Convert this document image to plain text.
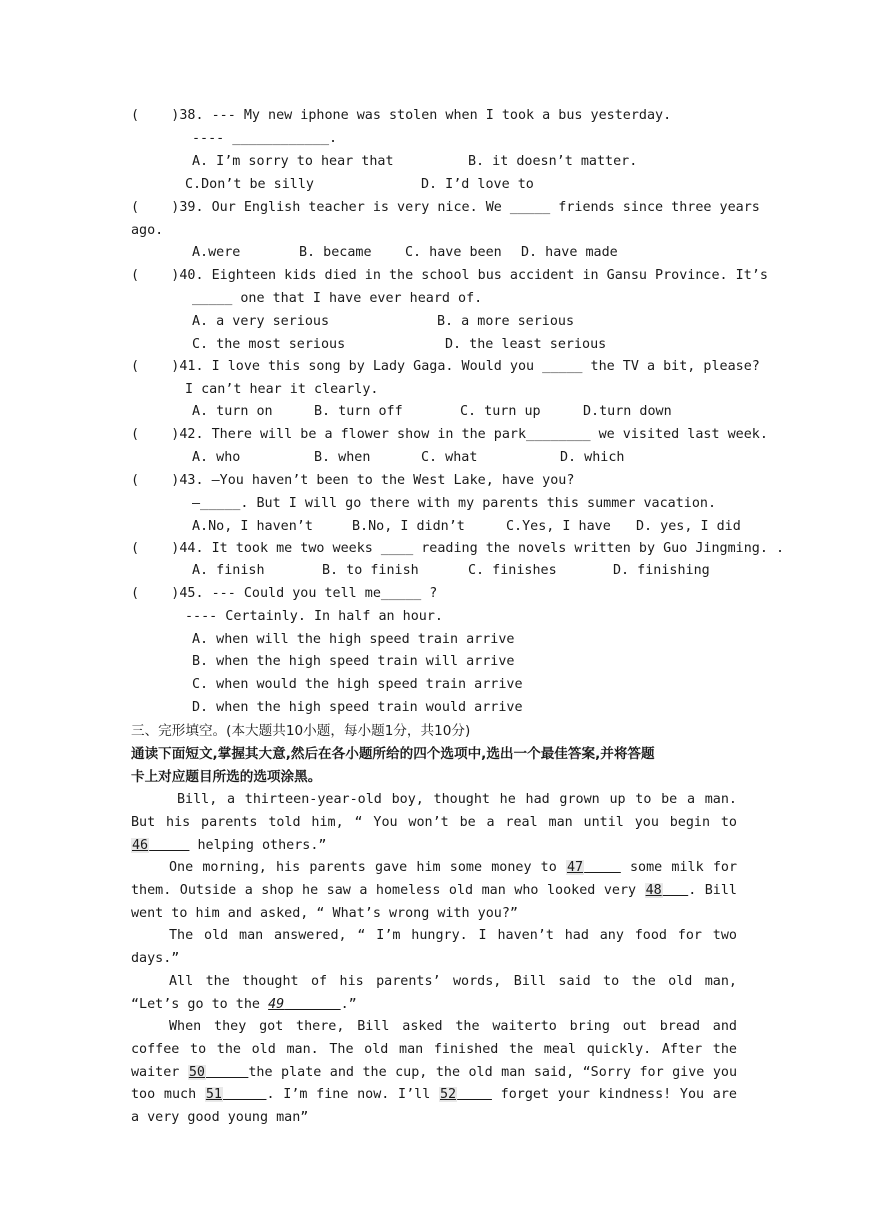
(    )38. --- My new iphone was stolen when I took a bus yesterday.
---- ____________.
A. I’m sorry to hear that	B. it doesn’t matter.
C.Don’t be silly	D. I’d love to
(    )39. Our English teacher is very nice. We _____ friends since three years
ago.
A.were	B. became C. have been D. have made
(    )40. Eighteen kids died in the school bus accident in Gansu Province. It’s
_____ one that I have ever heard of.
A. a very serious	B. a more serious
C. the most serious	D. the least serious
(    )41. I love this song by Lady Gaga. Would you _____ the TV a bit, please?
I can’t hear it clearly.
A. turn on	B. turn off	C. turn up	D.turn down
(    )42. There will be a flower show in the park________ we visited last week.
A. who	B. when	C. what	D. which
(    )43. —You haven’t been to the West Lake, have you?
—_____. But I will go there with my parents this summer vacation.
A.No, I haven’t	B.No, I didn’t	C.Yes, I have D. yes, I did
(    )44. It took me two weeks ____ reading the novels written by Guo Jingming. .
A. finish	B. to finish	C. finishes	D. finishing
(    )45. --- Could you tell me_____ ?
---- Certainly. In half an hour.
A. when will the high speed train arrive
B. when the high speed train will arrive
C. when would the high speed train arrive
D. when the high speed train would arrive
三、完形填空。(本大题共10小题，每小题1分，共10分)
通读下面短文,掌握其大意,然后在各小题所给的四个选项中,选出一个最佳答案,并将答题
卡上对应题目所选的选项涂黑。
Bill, a thirteen-year-old boy, thought he had grown up to be a man. But his parents told him, “ You won’t be a real man until you begin to 46	helping others.”
One morning, his parents gave him some money to 47	some milk for them. Outside a shop he saw a homeless old man who looked very 48 . Bill went to him and asked, “ What’s wrong with you?”
The old man answered, “ I’m hungry. I haven’t had any food for two days.”
All the thought of his parents’ words, Bill said to the old man, “Let’s go to the 49	.”
When they got there, Bill asked the waiterto bring out bread and coffee to the old man. The old man finished the meal quickly. After the waiter 50	the plate and the cup, the old man said, “Sorry for give you too much 51	. I’m fine now. I’ll 52	forget your kindness! You are a very good young man”
